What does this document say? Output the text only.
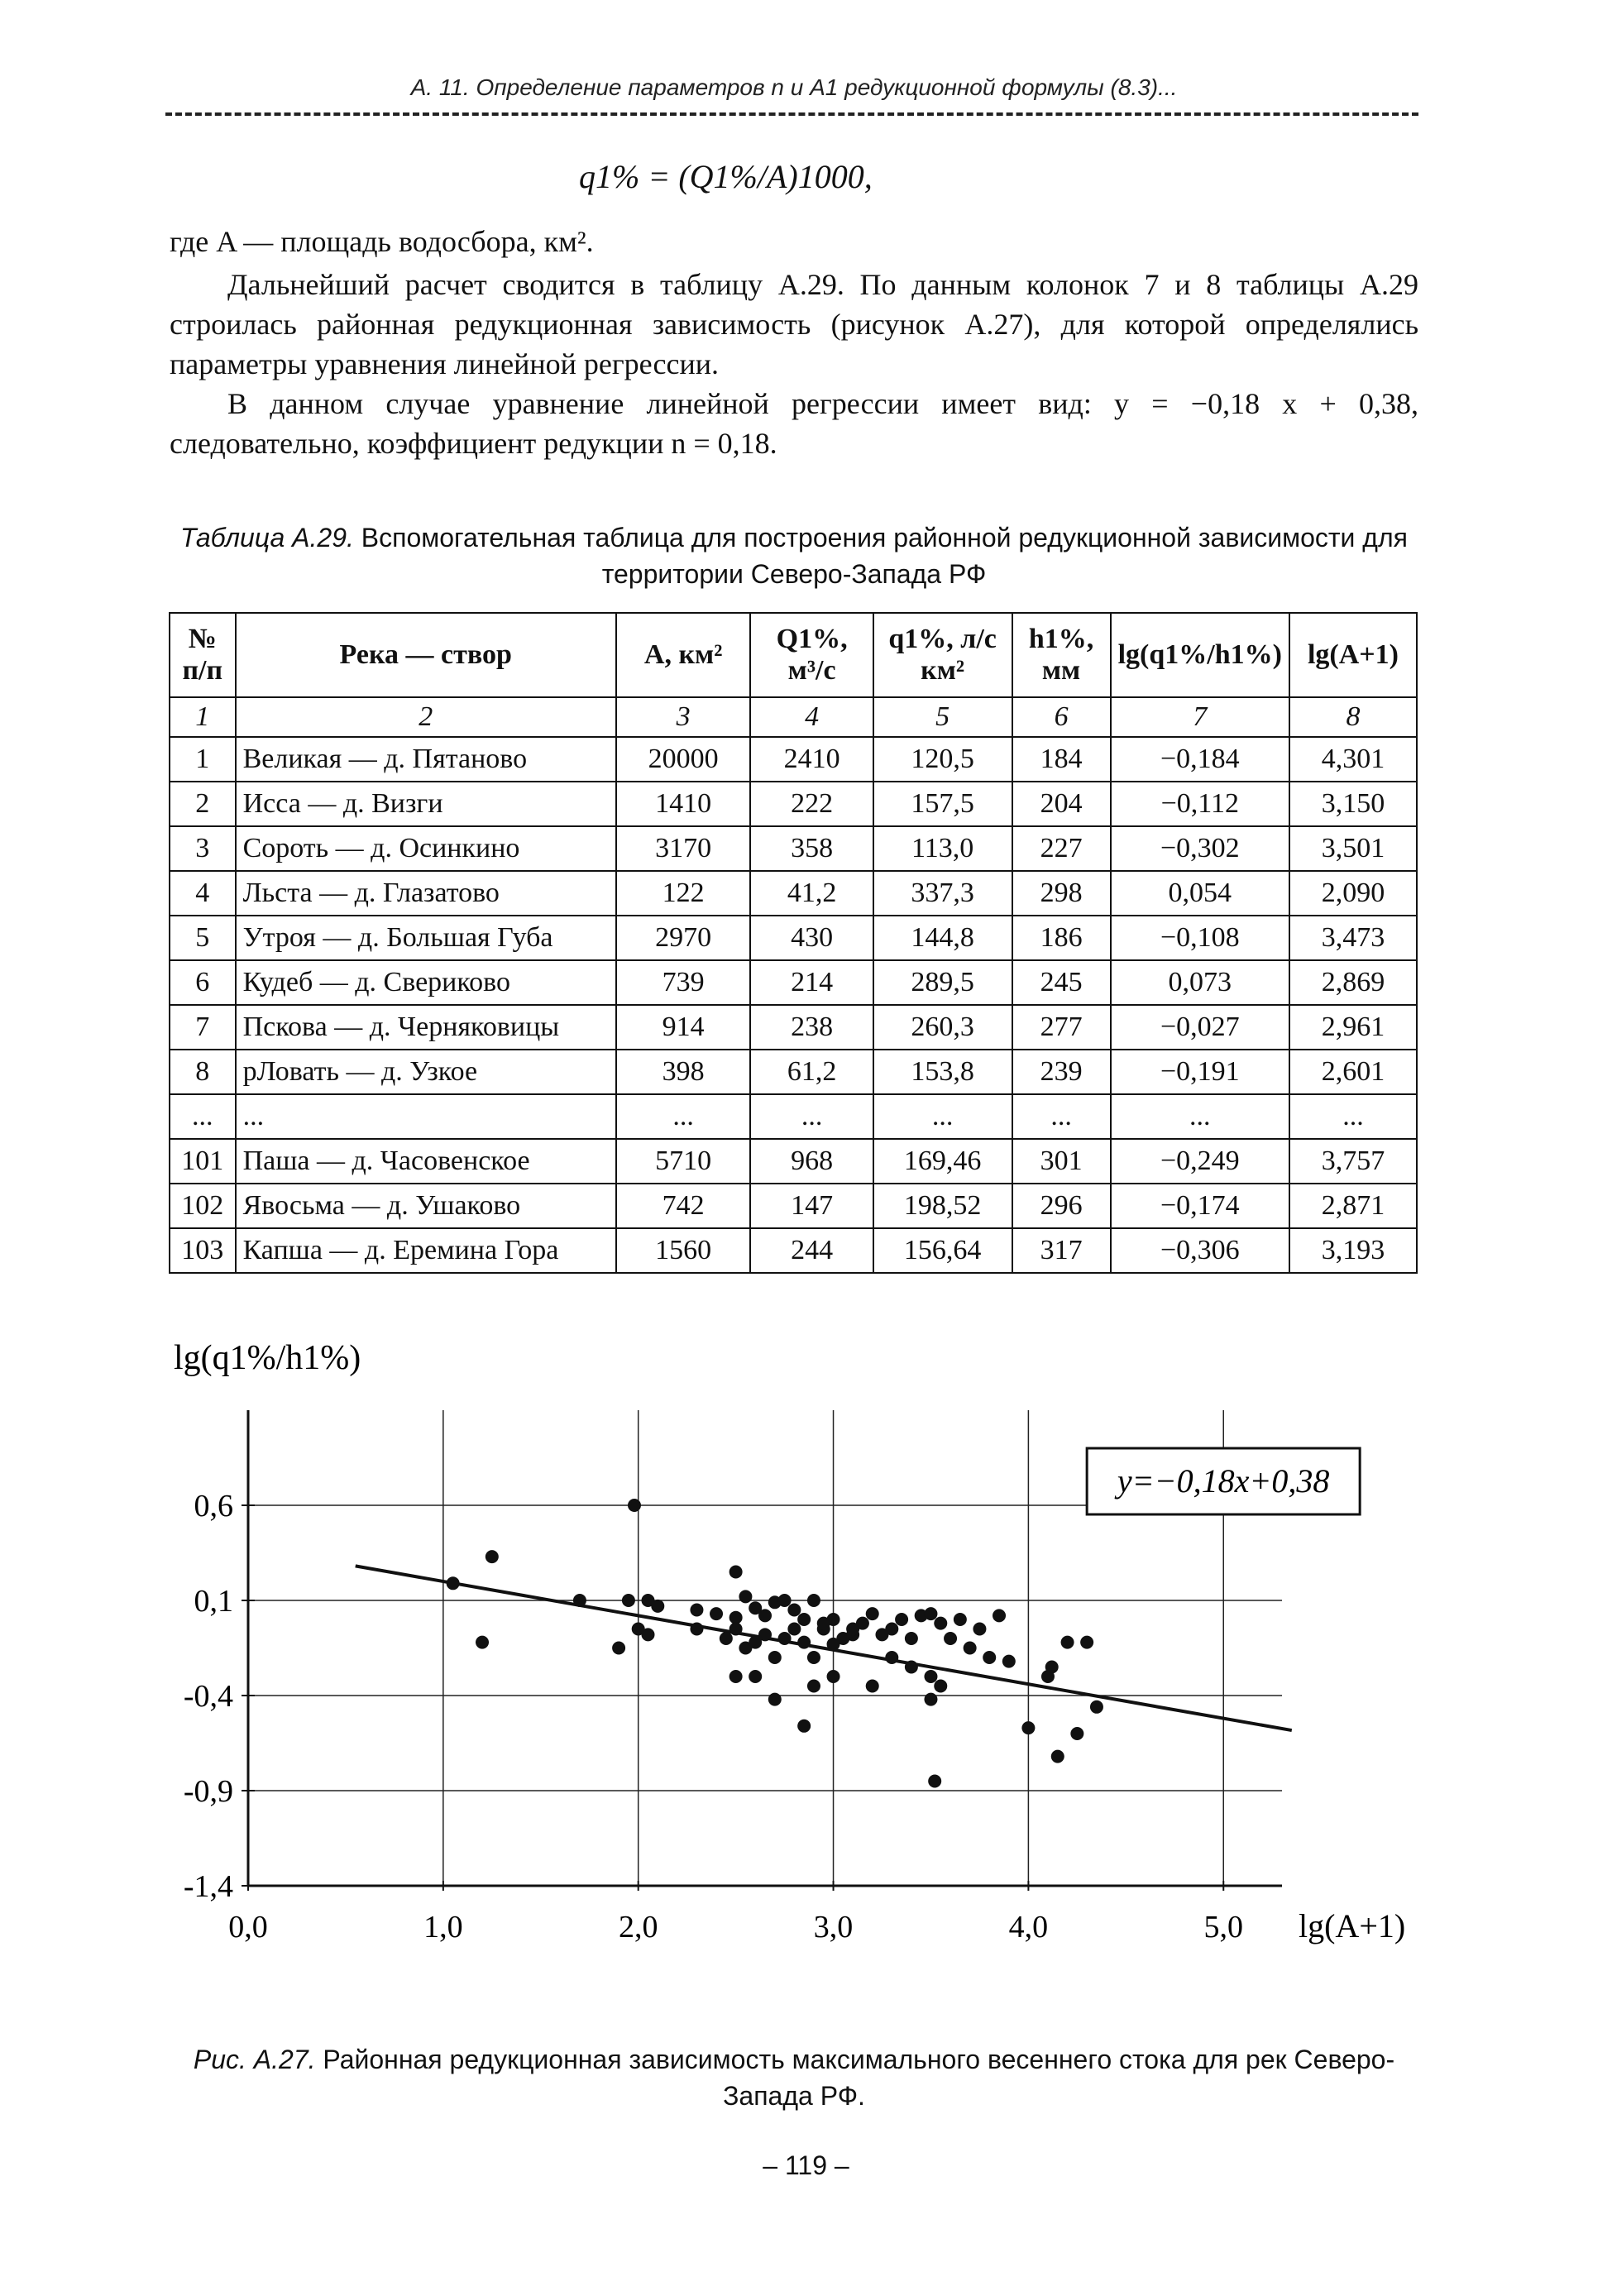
А. 11. Определение параметров n и A1 редукционной формулы (8.3)...
q1% = (Q1%/A)1000,
где A — площадь водосбора, км².
Дальнейший расчет сводится в таблицу А.29. По данным колонок 7 и 8 таблицы А.29 строилась районная редукционная зависимость (рисунок А.27), для которой определялись параметры уравнения линейной регрессии.
В данном случае уравнение линейной регрессии имеет вид: y = −0,18 x + 0,38, следовательно, коэффициент редукции n = 0,18.
Таблица А.29. Вспомогательная таблица для построения районной редукционной зависимости для территории Северо-Запада РФ
№ п/п	Река — створ	A, км²	Q1%, м³/с	q1%, л/с км²	h1%, мм	lg(q1%/h1%)	lg(A+1)
1	2	3	4	5	6	7	8
1	Великая — д. Пятаново	20000	2410	120,5	184	−0,184	4,301
2	Исса — д. Визги	1410	222	157,5	204	−0,112	3,150
3	Сороть — д. Осинкино	3170	358	113,0	227	−0,302	3,501
4	Льста — д. Глазатово	122	41,2	337,3	298	0,054	2,090
5	Утроя — д. Большая Губа	2970	430	144,8	186	−0,108	3,473
6	Кудеб — д. Свериково	739	214	289,5	245	0,073	2,869
7	Пскова — д. Черняковицы	914	238	260,3	277	−0,027	2,961
8	рЛовать — д. Узкое	398	61,2	153,8	239	−0,191	2,601
...	...	...	...	...	...	...	...
101	Паша — д. Часовенское	5710	968	169,46	301	−0,249	3,757
102	Явосьма — д. Ушаково	742	147	198,52	296	−0,174	2,871
103	Капша — д. Еремина Гора	1560	244	156,64	317	−0,306	3,193
0,0	1,0	2,0	3,0	4,0	5,0
-1,4
-0,9
-0,4
0,1
0,6
lg(q1%/h1%)
lg(A+1)
y=−0,18x+0,38
Рис. А.27. Районная редукционная зависимость максимального весеннего стока для рек Северо-Запада РФ.
– 119 –
